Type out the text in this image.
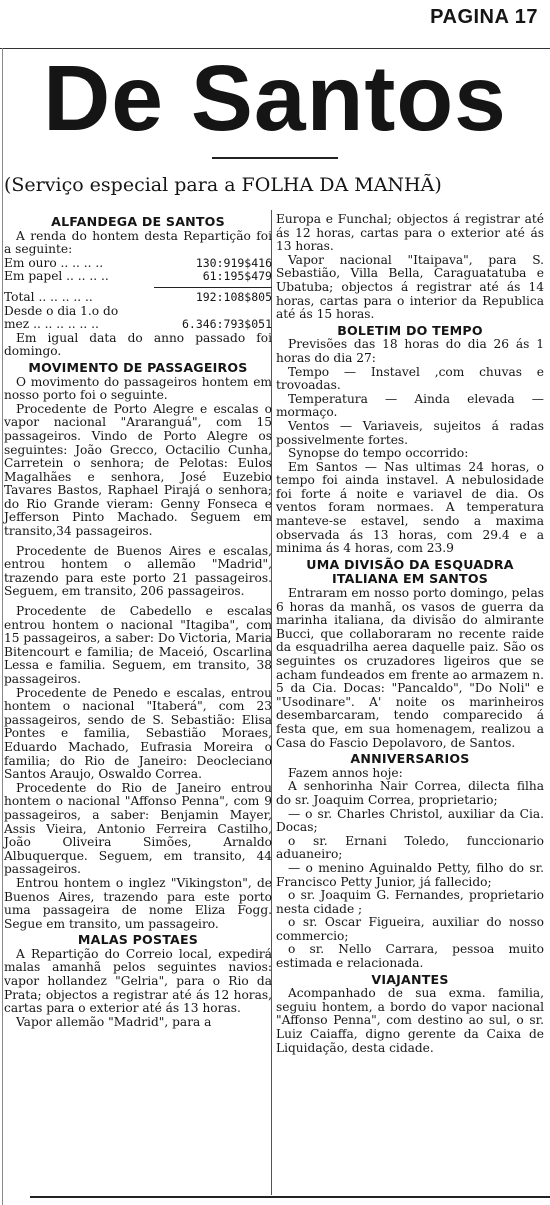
PAGINA 17
De Santos
(Serviço especial para a FOLHA DA MANHÃ)
ALFANDEGA DE SANTOS

A renda do hontem desta Repartição foi a seguinte:

Em ouro .. .. .. ..	130:919$416
Em papel .. .. .. ..	61:195$479
Total .. .. .. .. ..	192:108$805
Desde o dia 1.o do
mez .. .. .. .. .. ..	6.346:793$051

Em igual data do anno passado foi domingo.

MOVIMENTO DE PASSAGEIROS

O movimento do passageiros hontem em nosso porto foi o seguinte.

Procedente de Porto Alegre e escalas o vapor nacional "Araranguá", com 15 passageiros. Vindo de Porto Alegre os seguintes: João Grecco, Octacilio Cunha, Carretein o senhora; de Pelotas: Eulos Magalhães e senhora, José Euzebio Tavares Bastos, Raphael Pirajá o senhora; do Rio Grande vieram: Genny Fonseca e Jefferson Pinto Machado. Seguem em transito,34 passageiros.

Procedente de Buenos Aires e escalas, entrou hontem o allemão "Madrid", trazendo para este porto 21 passageiros. Seguem, em transito, 206 passageiros.

Procedente de Cabedello e escalas entrou hontem o nacional "Itagiba", com 15 passageiros, a saber: Do Victoria, Maria Bitencourt e familia; de Maceió, Oscarlina Lessa e familia. Seguem, em transito, 38 passageiros.

Procedente de Penedo e escalas, entrou hontem o nacional "Itaberá", com 23 passageiros, sendo de S. Sebastião: Elisa Pontes e familia, Sebastião Moraes, Eduardo Machado, Eufrasia Moreira o familia; do Rio de Janeiro: Deocleciano Santos Araujo, Oswaldo Correa.

Procedente do Rio de Janeiro entrou hontem o nacional "Affonso Penna", com 9 passageiros, a saber: Benjamin Mayer, Assis Vieira, Antonio Ferreira Castilho, João Oliveira Simões, Arnaldo Albuquerque. Seguem, em transito, 44 passageiros.

Entrou hontem o inglez "Vikingston", de Buenos Aires, trazendo para este porto uma passageira de nome Eliza Fogg. Segue em transito, um passageiro.

MALAS POSTAES

A Repartição do Correio local, expedirá malas amanhã pelos seguintes navios: vapor hollandez "Gelria", para o Rio da Prata; objectos a registrar até ás 12 horas, cartas para o exterior até ás 13 horas.

Vapor allemão "Madrid", para a

Europa e Funchal; objectos á registrar até ás 12 horas, cartas para o exterior até ás 13 horas.

Vapor nacional "Itaipava", para S. Sebastião, Villa Bella, Caraguatatuba e Ubatuba; objectos á registrar até ás 14 horas, cartas para o interior da Republica até ás 15 horas.

BOLETIM DO TEMPO

Previsões das 18 horas do dia 26 ás 1 horas do dia 27:

Tempo — Instavel ,com chuvas e trovoadas.

Temperatura — Ainda elevada — mormaço.

Ventos — Variaveis, sujeitos á radas possivelmente fortes.

Synopse do tempo occorrido:

Em Santos — Nas ultimas 24 horas, o tempo foi ainda instavel. A nebulosidade foi forte á noite e variavel de dia. Os ventos foram normaes. A temperatura manteve-se estavel, sendo a maxima observada ás 13 horas, com 29.4 e a minima ás 4 horas, com 23.9

UMA DIVISÃO DA ESQUADRA
ITALIANA EM SANTOS

Entraram em nosso porto domingo, pelas 6 horas da manhã, os vasos de guerra da marinha italiana, da divisão do almirante Bucci, que collaboraram no recente raide da esquadrilha aerea daquelle paiz. São os seguintes os cruzadores ligeiros que se acham fundeados em frente ao armazem n. 5 da Cia. Docas: "Pancaldo", "Do Noli" e "Usodinare". A' noite os marinheiros desembarcaram, tendo comparecido á festa que, em sua homenagem, realizou a Casa do Fascio Depolavoro, de Santos.

ANNIVERSARIOS

Fazem annos hoje:

A senhorinha Nair Correa, dilecta filha do sr. Joaquim Correa, proprietario;

— o sr. Charles Christol, auxiliar da Cia. Docas;

o sr. Ernani Toledo, funccionario aduaneiro;

— o menino Aguinaldo Petty, filho do sr. Francisco Petty Junior, já fallecido;

o sr. Joaquim G. Fernandes, proprietario nesta cidade ;

o sr. Oscar Figueira, auxiliar do nosso commercio;

o sr. Nello Carrara, pessoa muito estimada e relacionada.

VIAJANTES

Acompanhado de sua exma. familia, seguiu hontem, a bordo do vapor nacional "Affonso Penna", com destino ao sul, o sr. Luiz Caiaffa, digno gerente da Caixa de Liquidação, desta cidade.
